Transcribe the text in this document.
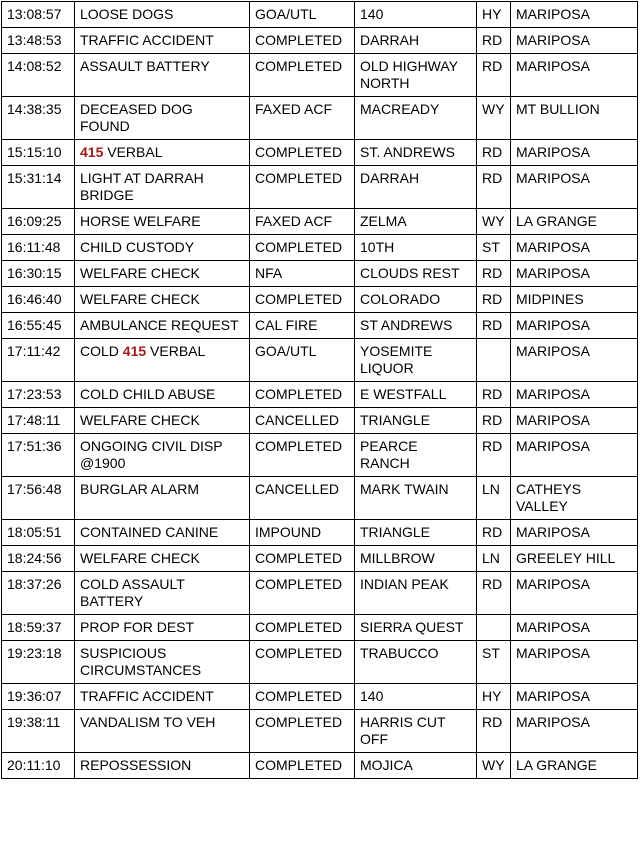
13:08:57	LOOSE DOGS	GOA/UTL	140	HY	MARIPOSA
13:48:53	TRAFFIC ACCIDENT	COMPLETED	DARRAH	RD	MARIPOSA
14:08:52	ASSAULT BATTERY	COMPLETED	OLD HIGHWAY NORTH	RD	MARIPOSA
14:38:35	DECEASED DOG FOUND	FAXED ACF	MACREADY	WY	MT BULLION
15:15:10	415 VERBAL	COMPLETED	ST. ANDREWS	RD	MARIPOSA
15:31:14	LIGHT AT DARRAH BRIDGE	COMPLETED	DARRAH	RD	MARIPOSA
16:09:25	HORSE WELFARE	FAXED ACF	ZELMA	WY	LA GRANGE
16:11:48	CHILD CUSTODY	COMPLETED	10TH	ST	MARIPOSA
16:30:15	WELFARE CHECK	NFA	CLOUDS REST	RD	MARIPOSA
16:46:40	WELFARE CHECK	COMPLETED	COLORADO	RD	MIDPINES
16:55:45	AMBULANCE REQUEST	CAL FIRE	ST ANDREWS	RD	MARIPOSA
17:11:42	COLD 415 VERBAL	GOA/UTL	YOSEMITE LIQUOR		MARIPOSA
17:23:53	COLD CHILD ABUSE	COMPLETED	E WESTFALL	RD	MARIPOSA
17:48:11	WELFARE CHECK	CANCELLED	TRIANGLE	RD	MARIPOSA
17:51:36	ONGOING CIVIL DISP @1900	COMPLETED	PEARCE RANCH	RD	MARIPOSA
17:56:48	BURGLAR ALARM	CANCELLED	MARK TWAIN	LN	CATHEYS VALLEY
18:05:51	CONTAINED CANINE	IMPOUND	TRIANGLE	RD	MARIPOSA
18:24:56	WELFARE CHECK	COMPLETED	MILLBROW	LN	GREELEY HILL
18:37:26	COLD ASSAULT BATTERY	COMPLETED	INDIAN PEAK	RD	MARIPOSA
18:59:37	PROP FOR DEST	COMPLETED	SIERRA QUEST		MARIPOSA
19:23:18	SUSPICIOUS CIRCUMSTANCES	COMPLETED	TRABUCCO	ST	MARIPOSA
19:36:07	TRAFFIC ACCIDENT	COMPLETED	140	HY	MARIPOSA
19:38:11	VANDALISM TO VEH	COMPLETED	HARRIS CUT OFF	RD	MARIPOSA
20:11:10	REPOSSESSION	COMPLETED	MOJICA	WY	LA GRANGE
